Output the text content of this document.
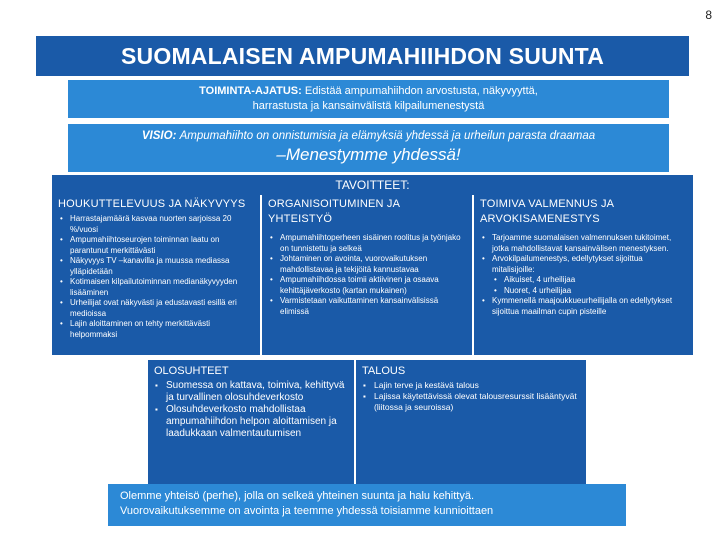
8
SUOMALAISEN AMPUMAHIIHDON SUUNTA
TOIMINTA-AJATUS: Edistää ampumahiihdon arvostusta, näkyvyyttä,
harrastusta ja kansainvälistä kilpailumenestystä
VISIO: Ampumahiihto on onnistumisia ja elämyksiä yhdessä ja urheilun parasta draamaa
–Menestymme yhdessä!
TAVOITTEET:
HOUKUTTELEVUUS JA NÄKYVYYS
• Harrastajamäärä kasvaa nuorten sarjoissa 20 %/vuosi
• Ampumahiihtoseurojen toiminnan laatu on parantunut merkittävästi
• Näkyvyys TV –kanavilla ja muussa mediassa ylläpidetään
• Kotimaisen kilpailutoiminnan medianäkyvyyden lisääminen
• Urheilijat ovat näkyvästi ja edustavasti esillä eri medioissa
• Lajin aloittaminen on tehty merkittävästi helpommaksi
ORGANISOITUMINEN JA YHTEISTYÖ
• Ampumahiihtoperheen sisäinen roolitus ja työnjako on tunnistettu ja selkeä
• Johtaminen on avointa, vuorovaikutuksen mahdollistavaa ja tekijöitä kannustavaa
• Ampumahiihdossa toimii aktiivinen ja osaava kehittäjäverkosto (kartan mukainen)
• Varmistetaan vaikuttaminen kansainvälisissä elimissä
TOIMIVA VALMENNUS JA ARVOKISAMENESTYS
• Tarjoamme suomalaisen valmennuksen tukitoimet, jotka mahdollistavat kansainvälisen menestyksen.
• Arvokilpailumenestys, edellytykset sijoittua mitalisijoille:
• Aikuiset, 4 urheilijaa
• Nuoret, 4 urheilijaa
• Kymmenellä maajoukkueurheilijalla on edellytykset sijoittua maailman cupin pisteille
OLOSUHTEET
▪ Suomessa on kattava, toimiva, kehittyvä ja turvallinen olosuhdeverkosto
▪ Olosuhdeverkosto mahdollistaa ampumahiihdon helpon aloittamisen ja laadukkaan valmentautumisen
TALOUS
▪ Lajin terve ja kestävä talous
▪ Lajissa käytettävissä olevat talousresurssit lisääntyvät (liitossa ja seuroissa)
Olemme yhteisö (perhe), jolla on selkeä yhteinen suunta ja halu kehittyä.
Vuorovaikutuksemme on avointa ja teemme yhdessä toisiamme kunnioittaen
